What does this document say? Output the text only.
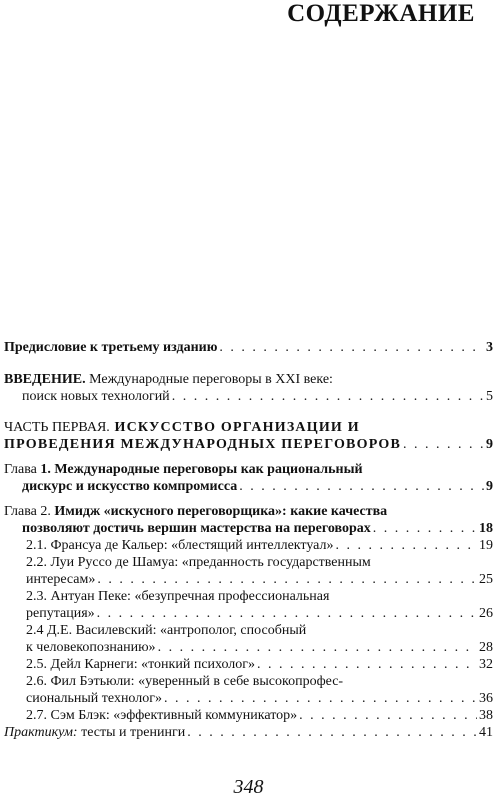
СОДЕРЖАНИЕ
Предисловие к третьему изданию . . .	3
ВВЕДЕНИЕ. Международные переговоры в XXI веке:
поиск новых технологий . . .	5
ЧАСТЬ ПЕРВАЯ. ИСКУССТВО ОРГАНИЗАЦИИ И
ПРОВЕДЕНИЯ МЕЖДУНАРОДНЫХ ПЕРЕГОВОРОВ . . .	9
Глава 1. Международные переговоры как рациональный
дискурс и искусство компромисса . . .	9
Глава 2. Имидж «искусного переговорщика»: какие качества
позволяют достичь вершин мастерства на переговорах . . .	18
2.1. Франсуа де Кальер: «блестящий интеллектуал» . . .	19
2.2. Луи Руссо де Шамуа: «преданность государственным
интересам» . . .	25
2.3. Антуан Пеке: «безупречная профессиональная
репутация» . . .	26
2.4 Д.Е. Василевский: «антрополог, способный
к человекопознанию» . . .	28
2.5. Дейл Карнеги: «тонкий психолог» . . .	32
2.6. Фил Бэтьюли: «уверенный в себе высокопрофес-
сиональный технолог» . . .	36
2.7. Сэм Блэк: «эффективный коммуникатор» . . .	38
Практикум: тесты и тренинги . . .	41
348
